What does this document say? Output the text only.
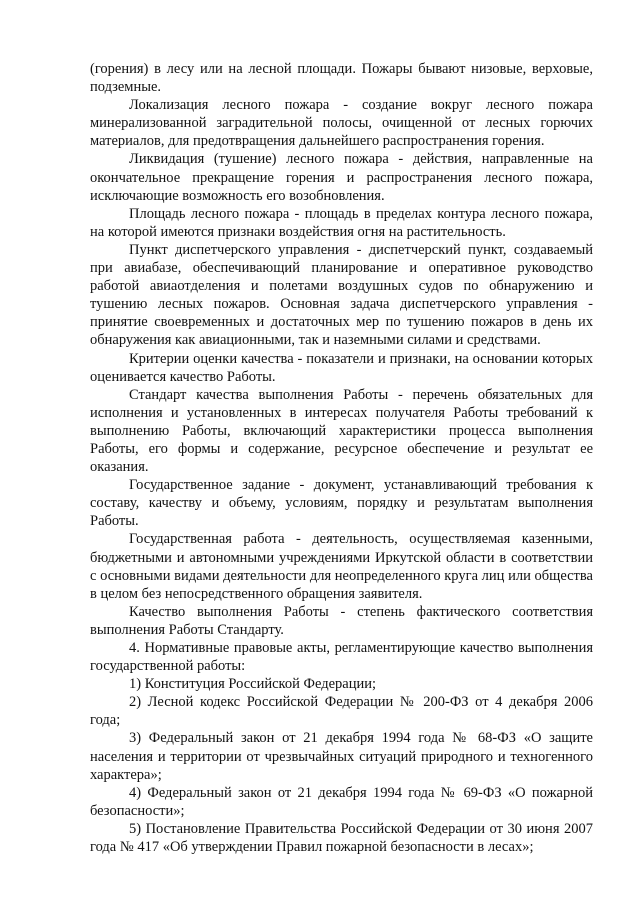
(горения) в лесу или на лесной площади. Пожары бывают низовые, верховые, подземные.

Локализация лесного пожара - создание вокруг лесного пожара минерализованной заградительной полосы, очищенной от лесных горючих материалов, для предотвращения дальнейшего распространения горения.

Ликвидация (тушение) лесного пожара - действия, направленные на окончательное прекращение горения и распространения лесного пожара, исключающие возможность его возобновления.

Площадь лесного пожара - площадь в пределах контура лесного пожара, на которой имеются признаки воздействия огня на растительность.

Пункт диспетчерского управления - диспетчерский пункт, создаваемый при авиабазе, обеспечивающий планирование и оперативное руководство работой авиаотделения и полетами воздушных судов по обнаружению и тушению лесных пожаров. Основная задача диспетчерского управления - принятие своевременных и достаточных мер по тушению пожаров в день их обнаружения как авиационными, так и наземными силами и средствами.

Критерии оценки качества - показатели и признаки, на основании которых оценивается качество Работы.

Стандарт качества выполнения Работы - перечень обязательных для исполнения и установленных в интересах получателя Работы требований к выполнению Работы, включающий характеристики процесса выполнения Работы, его формы и содержание, ресурсное обеспечение и результат ее оказания.

Государственное задание - документ, устанавливающий требования к составу, качеству и объему, условиям, порядку и результатам выполнения Работы.

Государственная работа - деятельность, осуществляемая казенными, бюджетными и автономными учреждениями Иркутской области в соответствии с основными видами деятельности для неопределенного круга лиц или общества в целом без непосредственного обращения заявителя.

Качество выполнения Работы - степень фактического соответствия выполнения Работы Стандарту.

4. Нормативные правовые акты, регламентирующие качество выполнения государственной работы:

1) Конституция Российской Федерации;

2) Лесной кодекс Российской Федерации № 200-ФЗ от 4 декабря 2006 года;

3) Федеральный закон от 21 декабря 1994 года № 68-ФЗ «О защите населения и территории от чрезвычайных ситуаций природного и техногенного характера»;

4) Федеральный закон от 21 декабря 1994 года № 69-ФЗ «О пожарной безопасности»;

5) Постановление Правительства Российской Федерации от 30 июня 2007 года № 417 «Об утверждении Правил пожарной безопасности в лесах»;
